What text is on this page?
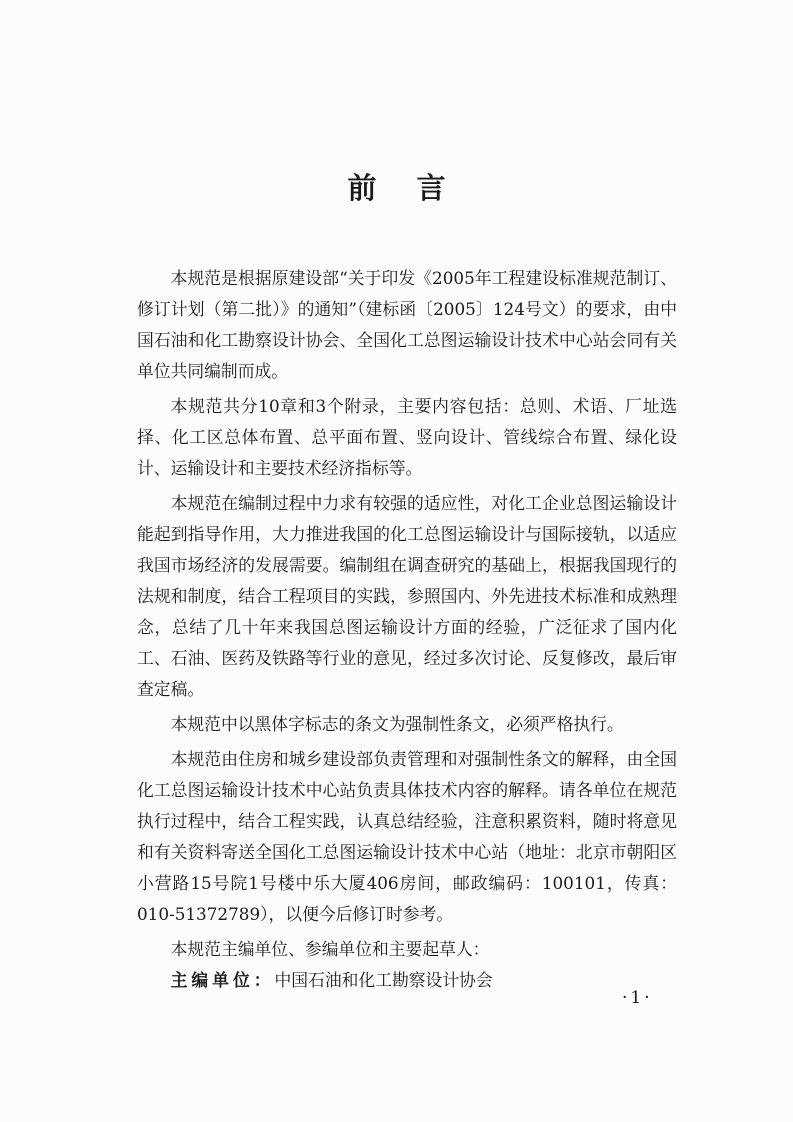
前言

本规范是根据原建设部“关于印发《2005年工程建设标准规范制订、修订计划（第二批）》的通知”（建标函〔2005〕124号文）的要求，由中国石油和化工勘察设计协会、全国化工总图运输设计技术中心站会同有关单位共同编制而成。

本规范共分10章和3个附录，主要内容包括：总则、术语、厂址选择、化工区总体布置、总平面布置、竖向设计、管线综合布置、绿化设计、运输设计和主要技术经济指标等。

本规范在编制过程中力求有较强的适应性，对化工企业总图运输设计能起到指导作用，大力推进我国的化工总图运输设计与国际接轨，以适应我国市场经济的发展需要。编制组在调查研究的基础上，根据我国现行的法规和制度，结合工程项目的实践，参照国内、外先进技术标准和成熟理念，总结了几十年来我国总图运输设计方面的经验，广泛征求了国内化工、石油、医药及铁路等行业的意见，经过多次讨论、反复修改，最后审查定稿。

本规范中以黑体字标志的条文为强制性条文，必须严格执行。

本规范由住房和城乡建设部负责管理和对强制性条文的解释，由全国化工总图运输设计技术中心站负责具体技术内容的解释。请各单位在规范执行过程中，结合工程实践，认真总结经验，注意积累资料，随时将意见和有关资料寄送全国化工总图运输设计技术中心站（地址：北京市朝阳区小营路15号院1号楼中乐大厦406房间，邮政编码：100101，传真：010-51372789），以便今后修订时参考。

本规范主编单位、参编单位和主要起草人：

主编单位：中国石油和化工勘察设计协会

·1·
